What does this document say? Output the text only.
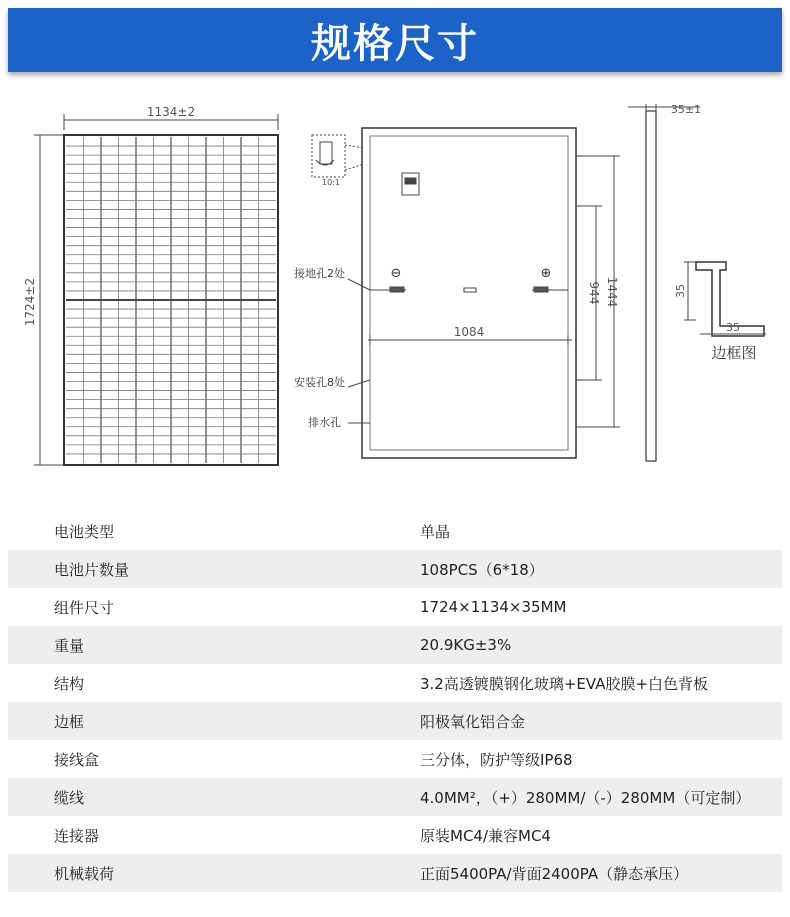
规格尺寸
1134±2
1724±2
10:1
接地孔2处
安装孔8处
排水孔
⊖	⊕
1084
944 1444
35±1
35
35
边框图
电池类型	单晶
电池片数量	108PCS（6*18）
组件尺寸	1724×1134×35MM
重量	20.9KG±3%
结构	3.2高透镀膜钢化玻璃+EVA胶膜+白色背板
边框	阳极氧化铝合金
接线盒	三分体，防护等级IP68
缆线	4.0MM²，（+）280MM/（-）280MM（可定制）
连接器	原装MC4/兼容MC4
机械载荷	正面5400PA/背面2400PA（静态承压）
